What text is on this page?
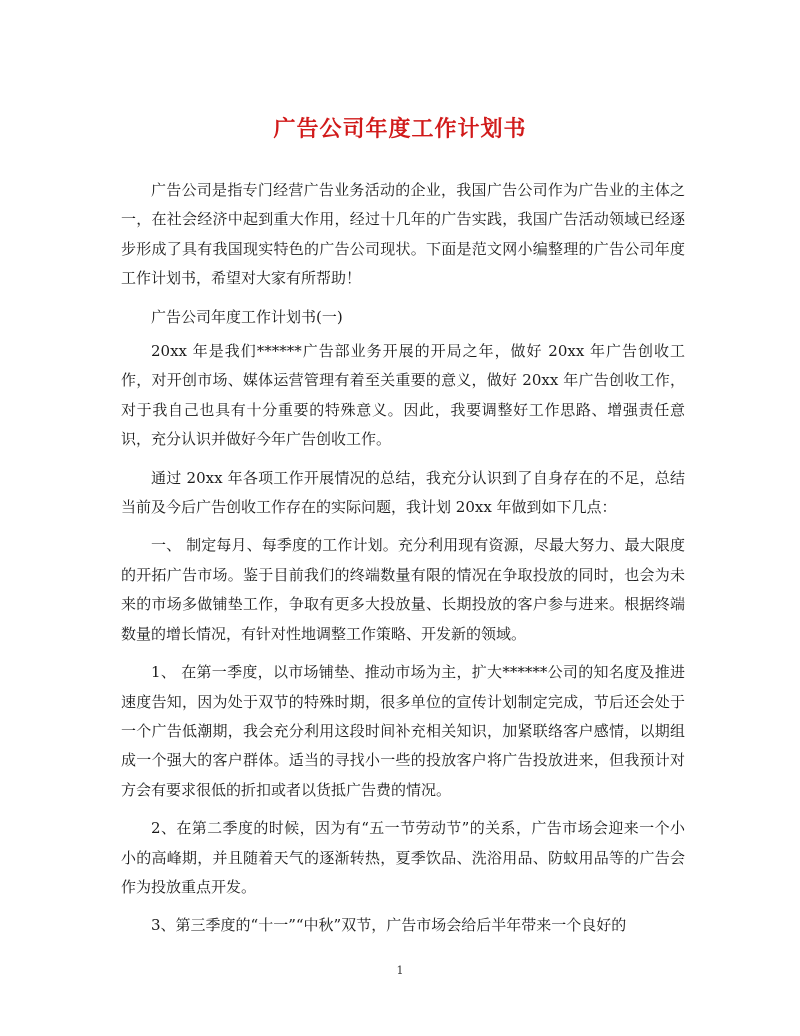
广告公司年度工作计划书

广告公司是指专门经营广告业务活动的企业，我国广告公司作为广告业的主体之一，在社会经济中起到重大作用，经过十几年的广告实践，我国广告活动领域已经逐步形成了具有我国现实特色的广告公司现状。下面是范文网小编整理的广告公司年度工作计划书，希望对大家有所帮助！

广告公司年度工作计划书(一)

20xx 年是我们******广告部业务开展的开局之年，做好 20xx 年广告创收工作，对开创市场、媒体运营管理有着至关重要的意义，做好 20xx 年广告创收工作，对于我自己也具有十分重要的特殊意义。因此，我要调整好工作思路、增强责任意识，充分认识并做好今年广告创收工作。

通过 20xx 年各项工作开展情况的总结，我充分认识到了自身存在的不足，总结当前及今后广告创收工作存在的实际问题，我计划 20xx 年做到如下几点：

一、 制定每月、每季度的工作计划。充分利用现有资源，尽最大努力、最大限度的开拓广告市场。鉴于目前我们的终端数量有限的情况在争取投放的同时，也会为未来的市场多做铺垫工作，争取有更多大投放量、长期投放的客户参与进来。根据终端数量的增长情况，有针对性地调整工作策略、开发新的领域。

1、 在第一季度，以市场铺垫、推动市场为主，扩大******公司的知名度及推进速度告知，因为处于双节的特殊时期，很多单位的宣传计划制定完成，节后还会处于一个广告低潮期，我会充分利用这段时间补充相关知识，加紧联络客户感情，以期组成一个强大的客户群体。适当的寻找小一些的投放客户将广告投放进来，但我预计对方会有要求很低的折扣或者以货抵广告费的情况。

2、在第二季度的时候，因为有“五一节劳动节”的关系，广告市场会迎来一个小小的高峰期，并且随着天气的逐渐转热，夏季饮品、洗浴用品、防蚊用品等的广告会作为投放重点开发。

3、第三季度的“十一”“中秋”双节，广告市场会给后半年带来一个良好的

1
